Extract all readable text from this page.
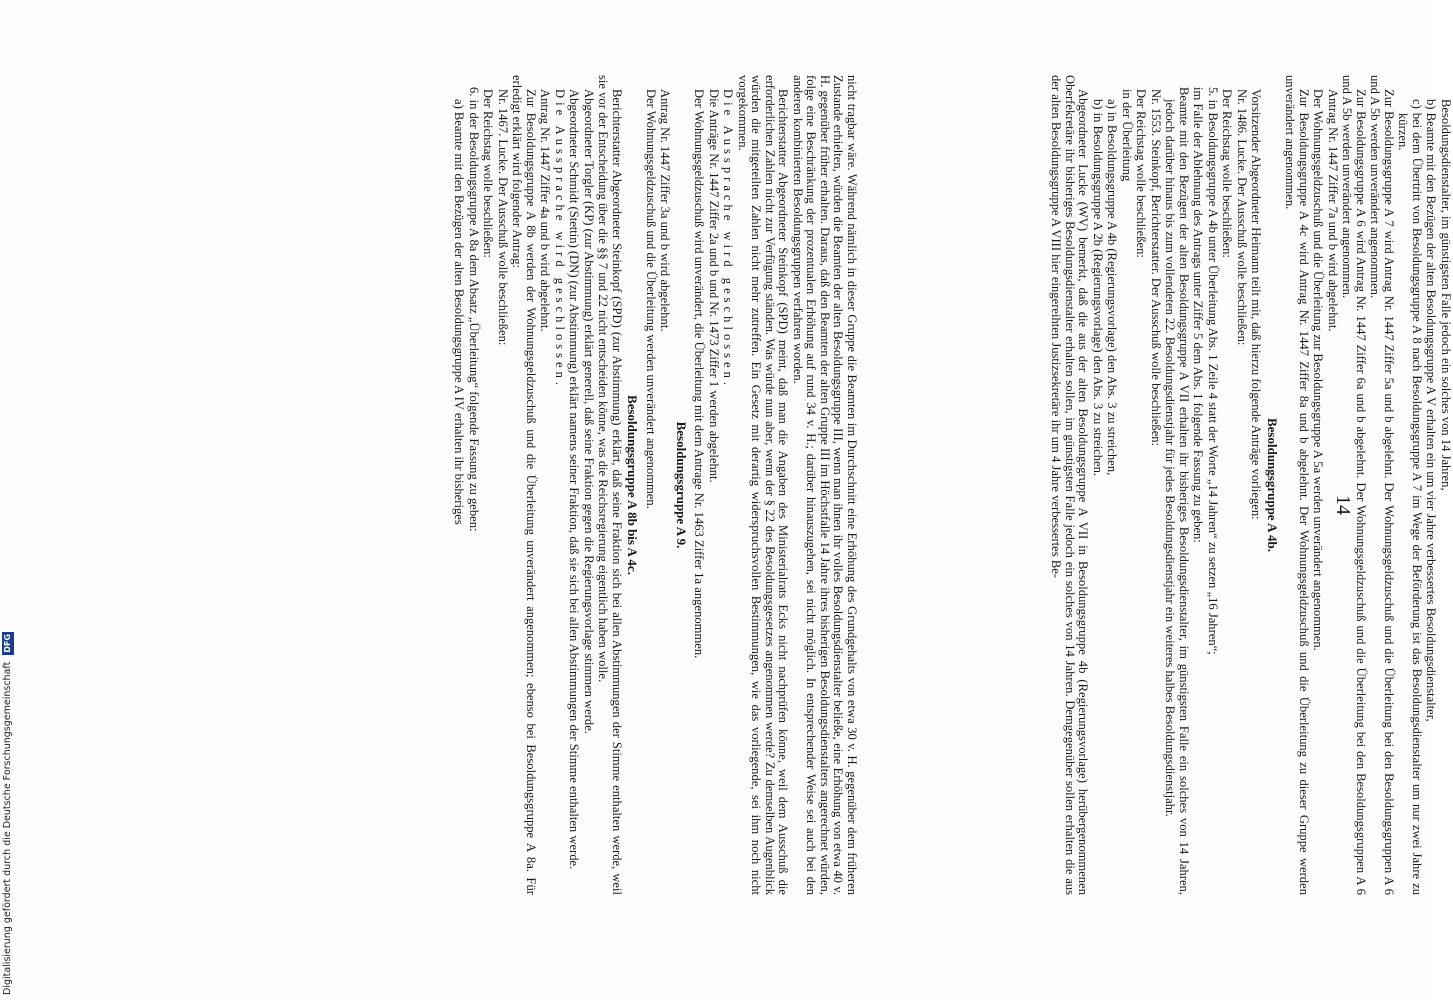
14

nicht tragbar wäre. Während nämlich in dieser Gruppe die Beamten im Durchschnitt eine Erhöhung des Grundgehalts von etwa 30 v. H. gegenüber dem früheren Zustande erhielten, würden die Beamten der alten Besoldungsgruppe III, wenn man ihnen ihr volles Besoldungsdienstalter beließe, eine Erhöhung von etwa 40 v. H. gegenüber früher erhalten. Daraus, daß den Beamten der alten Gruppe III im Höchstfalle 14 Jahre ihres bisherigen Besoldungsdienstalters angerechnet würden, folge eine Beschränkung der prozentualen Erhöhung auf rund 34 v. H.; darüber hinauszugehen, sei nicht möglich. In entsprechender Weise sei auch bei den anderen kombinierten Besoldungsgruppen verfahren worden.

Berichterstatter Abgeordneter Steinkopf (SPD) meint, daß man die Angaben des Ministerialrats Ecks nicht nachprüfen könne, weil dem Ausschuß die erforderlichen Zahlen nicht zur Verfügung ständen. Was würde nun aber, wenn der § 22 des Besoldungsgesetzes angenommen werde? Zu demselben Augenblick würden die mitgeteilten Zahlen nicht mehr zutreffen. Ein Gesetz mit derartig widerspruchsvollen Bestimmungen, wie das vorliegende, sei ihm noch nicht vorgekommen.

Die Aussprache wird geschlossen.

Die Anträge Nr. 1447 Ziffer 2a und b und Nr. 1473 Ziffer 1 werden abgelehnt.

Der Wohnungsgeldzuschuß wird unverändert, die Überleitung mit dem Antrage Nr. 1463 Ziffer 1a angenommen.

Besoldungsgruppe A 9.

Antrag Nr. 1447 Ziffer 3a und b wird abgelehnt.

Der Wohnungsgeldzuschuß und die Überleitung werden unverändert angenommen.

Besoldungsgruppe A 8b bis A 4c.

Berichterstatter Abgeordneter Steinkopf (SPD) (zur Abstimmung) erklärt, daß seine Fraktion sich bei allen Abstimmungen der Stimme enthalten werde, weil sie vor der Entscheidung über die §§ 7 und 22 nicht entscheiden könne, was die Reichsregierung eigentlich haben wolle.

Abgeordneter Torgler (KP) (zur Abstimmung) erklärt generell, daß seine Fraktion gegen die Regierungsvorlage stimmen werde.

Abgeordneter Schmidt (Stettin) (DN) (zur Abstimmung) erklärt namens seiner Fraktion, daß sie sich bei allen Abstimmungen der Stimme enthalten werde.

Die Aussprache wird geschlossen.

Antrag Nr. 1447 Ziffer 4a und b wird abgelehnt.

Zur Besoldungsgruppe A 8b werden der Wohnungsgeldzuschuß und die Überleitung unverändert angenommen; ebenso bei Besoldungsgruppe A 8a. Für erledigt erklärt wird folgender Antrag:

Nr. 1467. Lucke. Der Ausschuß wolle beschließen:

Der Reichstag wolle beschließen:

6. in der Besoldungsgruppe A 8a dem Absatz „Überleitung“ folgende Fassung zu geben:

a) Beamte mit den Bezügen der alten Besoldungsgruppe A IV erhalten ihr bisheriges	Besoldungsdienstalter, im günstigsten Falle jedoch ein solches von 14 Jahren,

b) Beamte mit den Bezügen der alten Besoldungsgruppe A V erhalten ein um vier Jahre verbessertes Besoldungsdienstalter,

c) bei dem Übertritt von Besoldungsgruppe A 8 nach Besoldungsgruppe A 7 im Wege der Beförderung ist das Besoldungsdienstalter um nur zwei Jahre zu kürzen.

Zur Besoldungsgruppe A 7 wird Antrag Nr. 1447 Ziffer 5a und b abgelehnt. Der Wohnungsgeldzuschuß und die Überleitung bei den Besoldungsgruppen A 6 und A 5b werden unverändert angenommen.

Zur Besoldungsgruppe A 6 wird Antrag Nr. 1447 Ziffer 6a und b abgelehnt. Der Wohnungsgeldzuschuß und die Überleitung bei den Besoldungsgruppen A 6 und A 5b werden unverändert angenommen.

Antrag Nr. 1447 Ziffer 7a und b wird abgelehnt.

Der Wohnungsgeldzuschuß und die Überleitung zur Besoldungsgruppe A 5a werden unverändert angenommen.

Zur Besoldungsgruppe A 4c wird Antrag Nr. 1447 Ziffer 8a und b abgelehnt. Der Wohnungsgeldzuschuß und die Überleitung zu dieser Gruppe werden unverändert angenommen.

Besoldungsgruppe A 4b.

Vorsitzender Abgeordneter Heimann teilt mit, daß hierzu folgende Anträge vorliegen:

Nr. 1486. Lucke. Der Ausschuß wolle beschließen:

Der Reichstag wolle beschließen:

5. in Besoldungsgruppe A 4b unter Überleitung Abs. 1 Zeile 4 statt der Worte „14 Jahren“ zu setzen „16 Jahren“;

im Falle der Ablehnung des Antrags unter Ziffer 5 dem Abs. 1 folgende Fassung zu geben:

Beamte mit den Bezügen der alten Besoldungsgruppe A VII erhalten ihr bisheriges Besoldungsdienstalter, im günstigsten Falle ein solches von 14 Jahren, jedoch darüber hinaus bis zum vollendeten 22. Besoldungsdienstjahr für jedes Besoldungsdienstjahr ein weiteres halbes Besoldungsdienstjahr.

Nr. 1553. Steinkopf, Berichterstatter. Der Ausschuß wolle beschließen:

Der Reichstag wolle beschließen:

in der Überleitung

a) in Besoldungsgruppe A 4b (Regierungsvorlage) den Abs. 3 zu streichen,

b) in Besoldungsgruppe A 2b (Regierungsvorlage) den Abs. 3 zu streichen.

Abgeordneter Lucke (WV) bemerkt, daß die aus der alten Besoldungsgruppe A VII in Besoldungsgruppe 4b (Regierungsvorlage) herübergenommenen Oberfekretäre ihr bisheriges Besoldungsdienstalter erhalten sollen, im günstigsten Falle jedoch ein solches von 14 Jahren. Demgegenüber sollen erhalten die aus der alten Besoldungsgruppe A VIII hier eingereihten Justizsekretäre ihr um 4 Jahre verbessertes Be-

Digitalisierung gefördert durch die Deutsche Forschungsgemeinschaft DFG
